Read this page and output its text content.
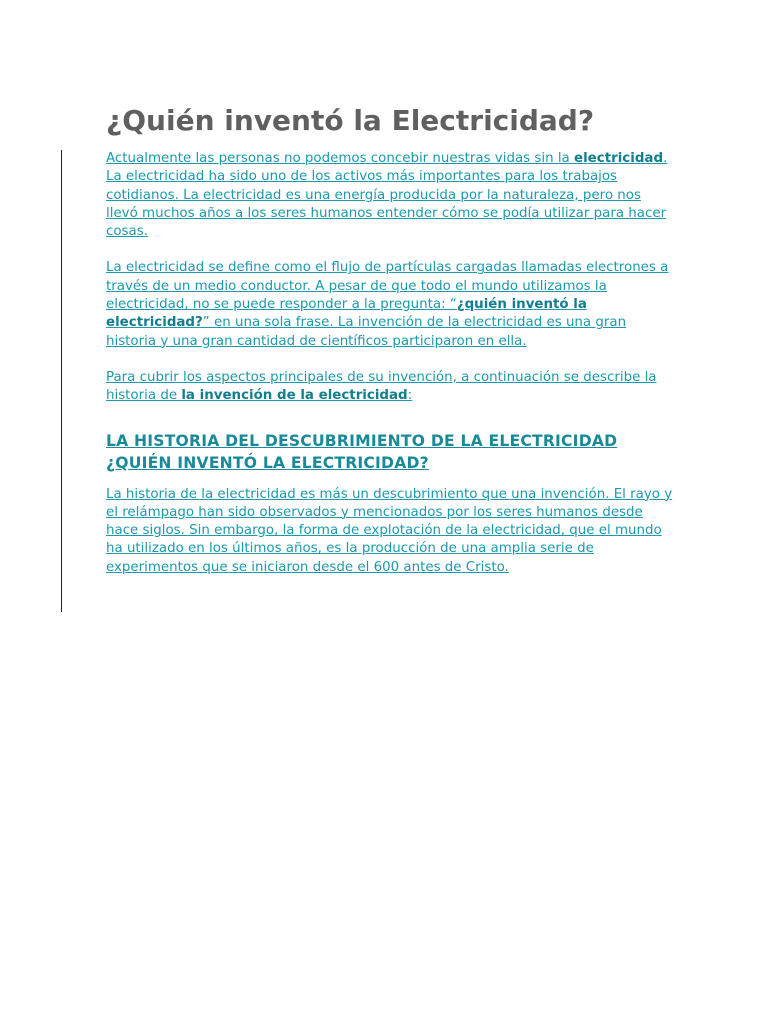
¿Quién inventó la Electricidad?

Actualmente las personas no podemos concebir nuestras vidas sin la electricidad. La electricidad ha sido uno de los activos más importantes para los trabajos cotidianos. La electricidad es una energía producida por la naturaleza, pero nos llevó muchos años a los seres humanos entender cómo se podía utilizar para hacer cosas.

La electricidad se define como el flujo de partículas cargadas llamadas electrones a través de un medio conductor. A pesar de que todo el mundo utilizamos la electricidad, no se puede responder a la pregunta: “¿quién inventó la electricidad?” en una sola frase. La invención de la electricidad es una gran historia y una gran cantidad de científicos participaron en ella.

Para cubrir los aspectos principales de su invención, a continuación se describe la historia de la invención de la electricidad:

LA HISTORIA DEL DESCUBRIMIENTO DE LA ELECTRICIDAD ¿QUIÉN INVENTÓ LA ELECTRICIDAD?

La historia de la electricidad es más un descubrimiento que una invención. El rayo y el relámpago han sido observados y mencionados por los seres humanos desde hace siglos. Sin embargo, la forma de explotación de la electricidad, que el mundo ha utilizado en los últimos años, es la producción de una amplia serie de experimentos que se iniciaron desde el 600 antes de Cristo.
